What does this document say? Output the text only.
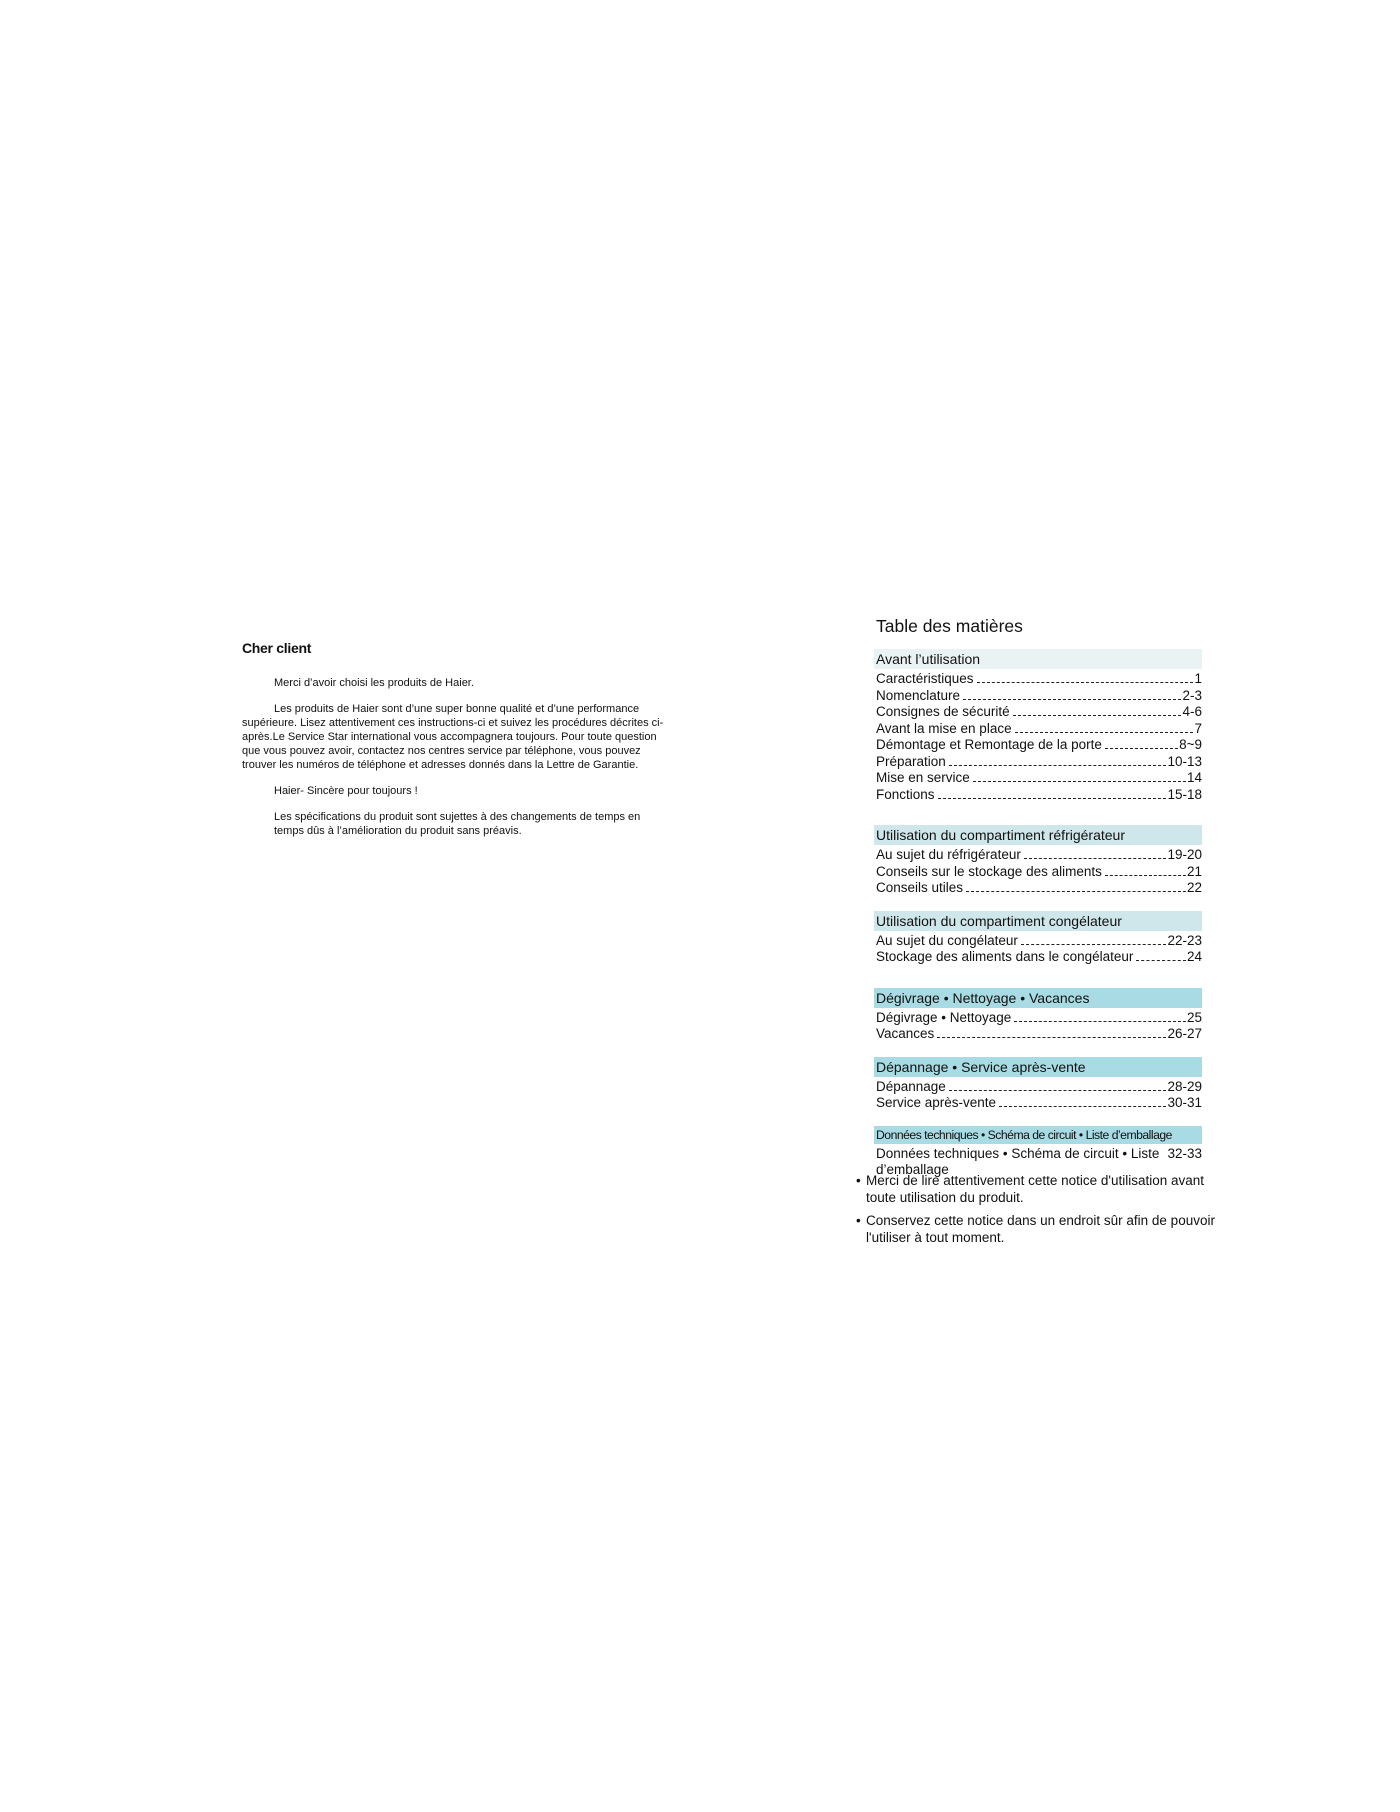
Cher client

Merci d’avoir choisi les produits de Haier.

Les produits de Haier sont d’une super bonne qualité et d’une performance supérieure. Lisez attentivement ces instructions-ci et suivez les procédures décrites ci-après.Le Service Star international vous accompagnera toujours. Pour toute question que vous pouvez avoir, contactez nos centres service par téléphone, vous pouvez trouver les numéros de téléphone et adresses donnés dans la Lettre de Garantie.

Haier- Sincère pour toujours !

Les spécifications du produit sont sujettes à des changements de temps en temps dûs à l’amélioration du produit sans préavis.

Table des matières
Avant l’utilisation
Caractéristiques	1
Nomenclature	2-3
Consignes de sécurité	4-6
Avant la mise en place	7
Démontage et Remontage de la porte	8~9
Préparation	10-13
Mise en service	14
Fonctions	15-18
Utilisation du compartiment réfrigérateur
Au sujet du réfrigérateur	19-20
Conseils sur le stockage des aliments	21
Conseils utiles	22
Utilisation du compartiment congélateur
Au sujet du congélateur	22-23
Stockage des aliments dans le congélateur	24
Dégivrage • Nettoyage • Vacances
Dégivrage • Nettoyage	25
Vacances	26-27
Dépannage • Service après-vente
Dépannage	28-29
Service après-vente	30-31
Données techniques • Schéma de circuit • Liste d’emballage
Données techniques • Schéma de circuit • Liste d’emballage
32-33
• Merci de lire attentivement cette notice d'utilisation avant toute utilisation du produit.
• Conservez cette notice dans un endroit sûr afin de pouvoir l'utiliser à tout moment.
